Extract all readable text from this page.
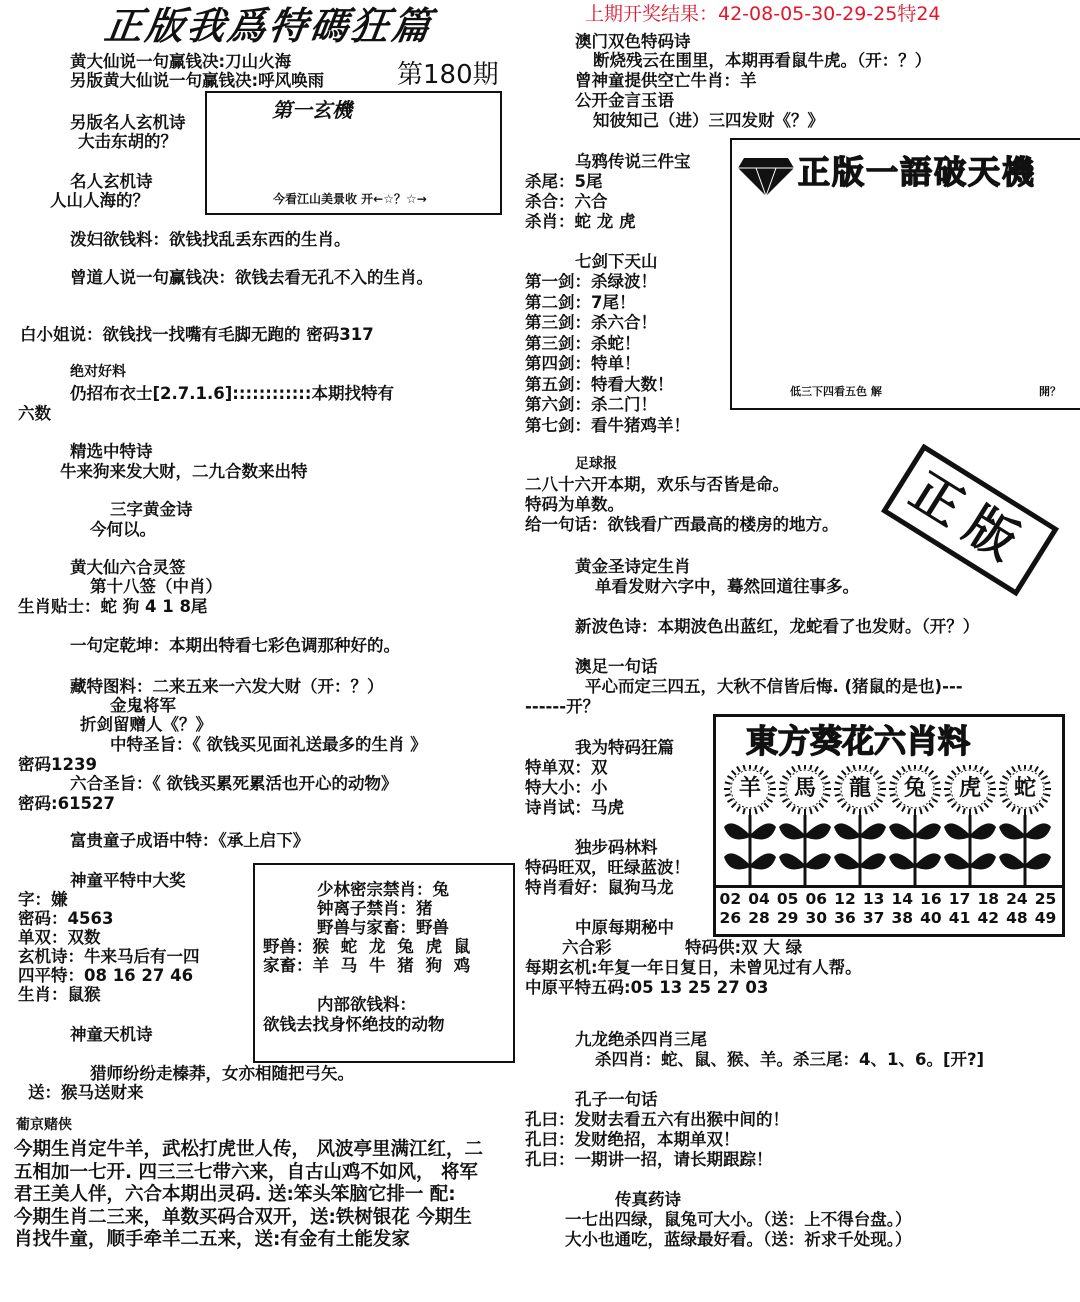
正版我爲特碼狂篇
第180期
上期开奖结果：42-08-05-30-29-25特24
黄大仙说一句赢钱决:刀山火海
另版黄大仙说一句赢钱决:呼风唤雨
第一玄機
今看江山美景收 开←☆？☆→
另版名人玄机诗
大击东胡的？
名人玄机诗
人山人海的？
泼妇欲钱料：欲钱找乱丢东西的生肖。
曾道人说一句赢钱决：欲钱去看无孔不入的生肖。
白小姐说：欲钱找一找嘴有毛脚无跑的 密码317
绝对好料
仍招布衣士[2.7.1.6]::::::::::::本期找特有
六数
精选中特诗
牛来狗来发大财，二九合数来出特
三字黄金诗
今何以。
黄大仙六合灵签
第十八签（中肖）
生肖贴士：蛇 狗 4 1 8尾
一句定乾坤：本期出特看七彩色调那种好的。
藏特图料：二来五来一六发大财（开：？）
金鬼将军
折剑留赠人《？》
中特圣旨：《 欲钱买见面礼送最多的生肖 》
密码1239
六合圣旨：《 欲钱买累死累活也开心的动物》
密码:61527
富贵童子成语中特：《承上启下》
神童平特中大奖
字：嫌
密码：4563
单双：双数
玄机诗：牛来马后有一四
四平特：08 16 27 46
生肖：鼠猴
少林密宗禁肖：兔
钟离子禁肖：猪
野兽与家畜：野兽
野兽：猴 蛇 龙 兔 虎 鼠
家畜：羊 马 牛 猪 狗 鸡
内部欲钱料：
欲钱去找身怀绝技的动物
神童天机诗
猎师纷纷走榛莽，女亦相随把弓矢。
送：猴马送财来
葡京赌侠
今期生肖定牛羊，武松打虎世人传， 风波亭里满江红，二
五相加一七开. 四三三七带六来，自古山鸡不如风， 将军
君王美人伴，六合本期出灵码. 送:笨头笨脑它排一 配:
今期生肖二三来，单数买码合双开，送:铁树银花 今期生
肖找牛童，顺手牵羊二五来，送:有金有土能发家
澳门双色特码诗
断烧残云在围里，本期再看鼠牛虎。（开：？）
曾神童提供空亡牛肖：羊
公开金言玉语
知彼知己（进）三四发财《？》
乌鸦传说三件宝
杀尾：5尾
杀合：六合
杀肖：蛇 龙 虎
七剑下天山
第一剑：杀绿波！
第二剑：7尾！
第三剑：杀六合！
第三剑：杀蛇！
第四剑：特单！
第五剑：特看大数！
第六剑：杀二门！
第七剑：看牛猪鸡羊！
正版一語破天機
低三下四看五色 解	開？
足球报
二八十六开本期，欢乐与否皆是命。
特码为单数。
给一句话：欲钱看广西最高的楼房的地方。	正版
黄金圣诗定生肖
单看发财六字中，蓦然回道往事多。
新波色诗：本期波色出蓝红，龙蛇看了也发财。（开？）
澳足一句话
平心而定三四五，大秋不信皆后悔. (猪鼠的是也)---
------开？
我为特码狂篇
特单双：双
特大小：小
诗肖试：马虎
独步码林料
特码旺双，旺绿蓝波！
特肖看好：鼠狗马龙
中原每期秘中
六合彩	特码供:双 大 绿
每期玄机:年复一年日复日，未曾见过有人帮。
中原平特五码:05 13 25 27 03
東方葵花六肖料
羊	馬	龍	兔	虎	蛇
02 04 05 06 12 13 14 16 17 18 24 25
26 28 29 30 36 37 38 40 41 42 48 49
九龙绝杀四肖三尾
杀四肖：蛇、鼠、猴、羊。杀三尾：4、1、6。[开?]
孔子一句话
孔曰：发财去看五六有出猴中间的！
孔曰：发财绝招，本期单双！
孔曰：一期讲一招，请长期跟踪！
传真药诗
一七出四绿，鼠兔可大小。（送：上不得台盘。）
大小也通吃，蓝绿最好看。（送：祈求千处现。）
